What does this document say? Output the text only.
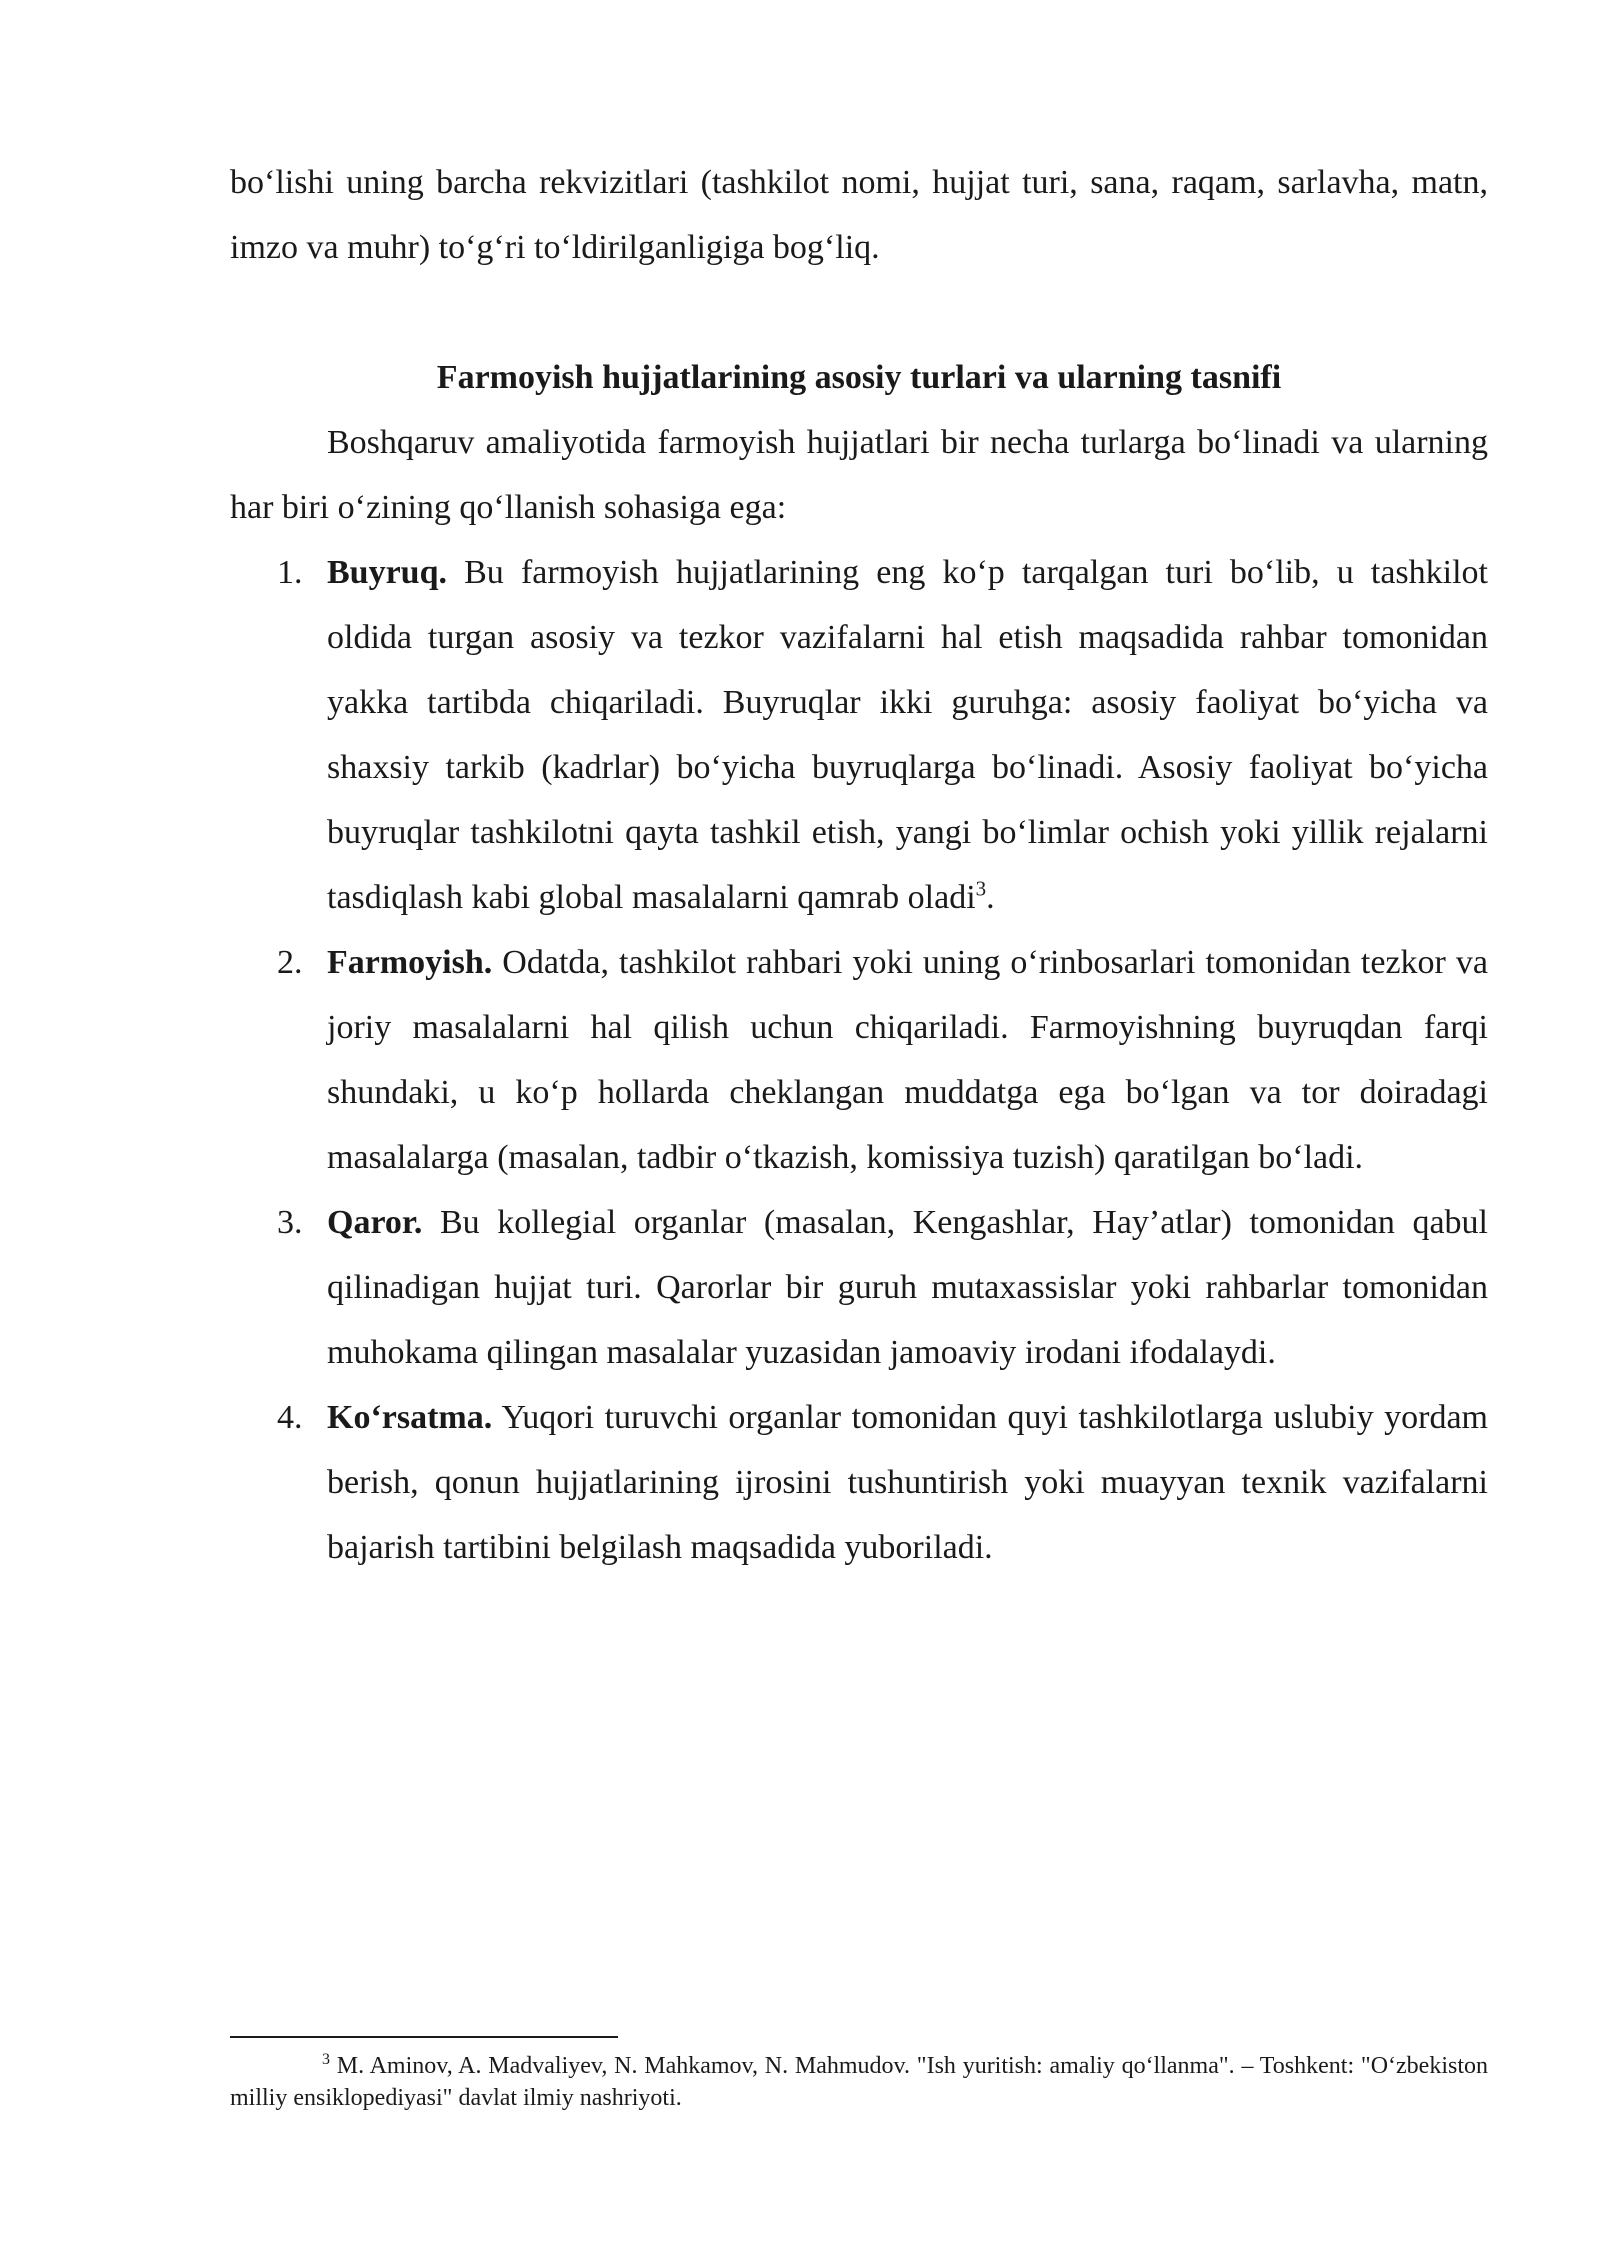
bo‘lishi uning barcha rekvizitlari (tashkilot nomi, hujjat turi, sana, raqam, sarlavha, matn, imzo va muhr) to‘g‘ri to‘ldirilganligiga bog‘liq.

Farmoyish hujjatlarining asosiy turlari va ularning tasnifi

Boshqaruv amaliyotida farmoyish hujjatlari bir necha turlarga bo‘linadi va ularning har biri o‘zining qo‘llanish sohasiga ega:

1. Buyruq. Bu farmoyish hujjatlarining eng ko‘p tarqalgan turi bo‘lib, u tashkilot oldida turgan asosiy va tezkor vazifalarni hal etish maqsadida rahbar tomonidan yakka tartibda chiqariladi. Buyruqlar ikki guruhga: asosiy faoliyat bo‘yicha va shaxsiy tarkib (kadrlar) bo‘yicha buyruqlarga bo‘linadi. Asosiy faoliyat bo‘yicha buyruqlar tashkilotni qayta tashkil etish, yangi bo‘limlar ochish yoki yillik rejalarni tasdiqlash kabi global masalalarni qamrab oladi$^3$.
2. Farmoyish. Odatda, tashkilot rahbari yoki uning o‘rinbosarlari tomonidan tezkor va joriy masalalarni hal qilish uchun chiqariladi. Farmoyishning buyruqdan farqi shundaki, u ko‘p hollarda cheklangan muddatga ega bo‘lgan va tor doiradagi masalalarga (masalan, tadbir o‘tkazish, komissiya tuzish) qaratilgan bo‘ladi.
3. Qaror. Bu kollegial organlar (masalan, Kengashlar, Hay’atlar) tomonidan qabul qilinadigan hujjat turi. Qarorlar bir guruh mutaxassislar yoki rahbarlar tomonidan muhokama qilingan masalalar yuzasidan jamoaviy irodani ifodalaydi.
4. Ko‘rsatma. Yuqori turuvchi organlar tomonidan quyi tashkilotlarga uslubiy yordam berish, qonun hujjatlarining ijrosini tushuntirish yoki muayyan texnik vazifalarni bajarish tartibini belgilash maqsadida yuboriladi.
$^3$ M. Aminov, A. Madvaliyev, N. Mahkamov, N. Mahmudov. "Ish yuritish: amaliy qo‘llanma". – Toshkent: "O‘zbekiston milliy ensiklopediyasi" davlat ilmiy nashriyoti.
